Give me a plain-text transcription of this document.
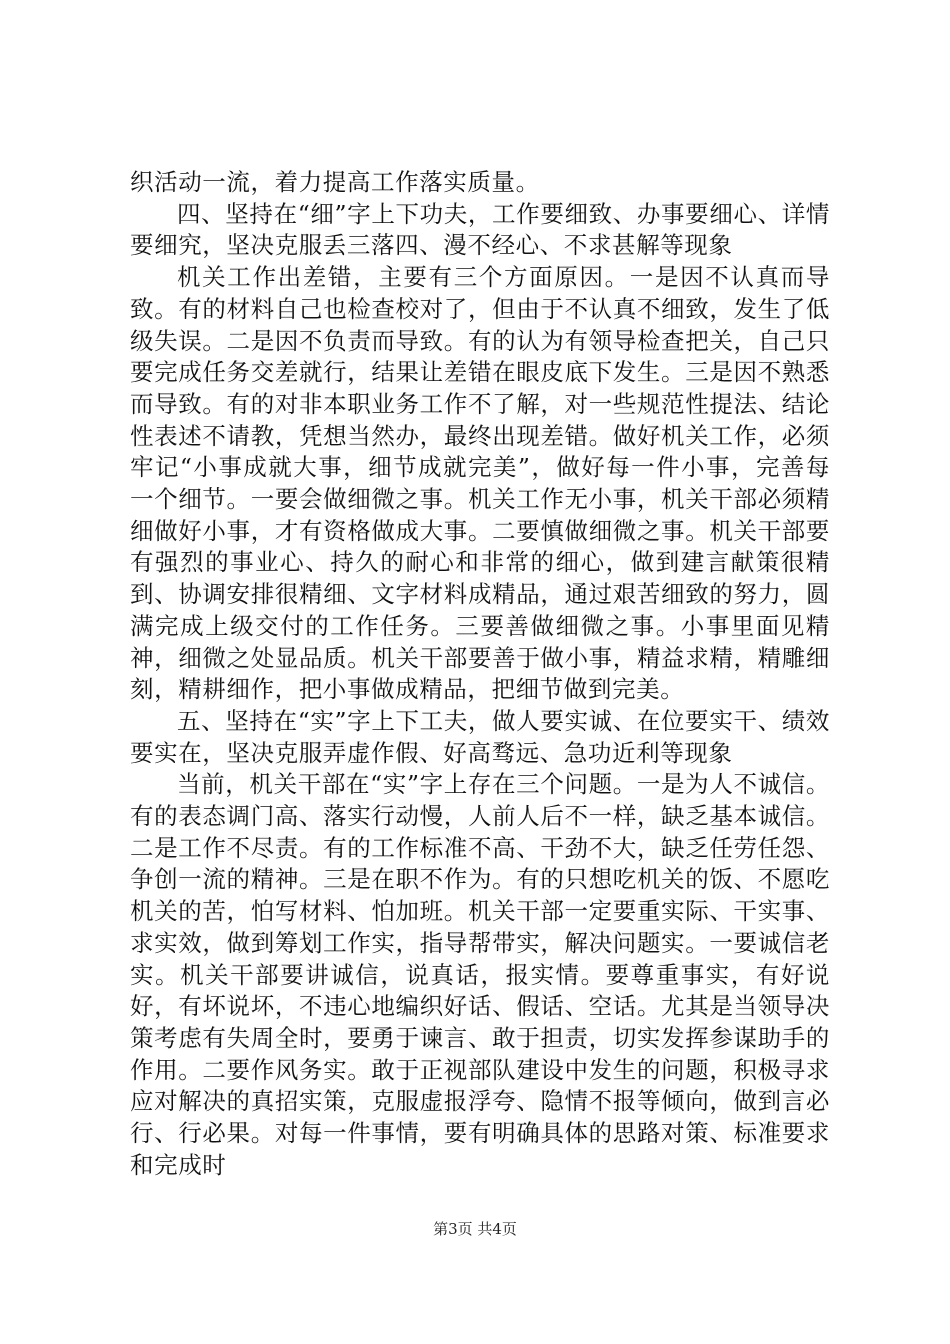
织活动一流，着力提高工作落实质量。

四、坚持在“细”字上下功夫，工作要细致、办事要细心、详情要细究，坚决克服丢三落四、漫不经心、不求甚解等现象

机关工作出差错，主要有三个方面原因。一是因不认真而导致。有的材料自己也检查校对了，但由于不认真不细致，发生了低级失误。二是因不负责而导致。有的认为有领导检查把关，自己只要完成任务交差就行，结果让差错在眼皮底下发生。三是因不熟悉而导致。有的对非本职业务工作不了解，对一些规范性提法、结论性表述不请教，凭想当然办，最终出现差错。做好机关工作，必须牢记“小事成就大事，细节成就完美”，做好每一件小事，完善每一个细节。一要会做细微之事。机关工作无小事，机关干部必须精细做好小事，才有资格做成大事。二要慎做细微之事。机关干部要有强烈的事业心、持久的耐心和非常的细心，做到建言献策很精到、协调安排很精细、文字材料成精品，通过艰苦细致的努力，圆满完成上级交付的工作任务。三要善做细微之事。小事里面见精神，细微之处显品质。机关干部要善于做小事，精益求精，精雕细刻，精耕细作，把小事做成精品，把细节做到完美。

五、坚持在“实”字上下工夫，做人要实诚、在位要实干、绩效要实在，坚决克服弄虚作假、好高骛远、急功近利等现象

当前，机关干部在“实”字上存在三个问题。一是为人不诚信。有的表态调门高、落实行动慢，人前人后不一样，缺乏基本诚信。二是工作不尽责。有的工作标准不高、干劲不大，缺乏任劳任怨、争创一流的精神。三是在职不作为。有的只想吃机关的饭、不愿吃机关的苦，怕写材料、怕加班。机关干部一定要重实际、干实事、求实效，做到筹划工作实，指导帮带实，解决问题实。一要诚信老实。机关干部要讲诚信，说真话，报实情。要尊重事实，有好说好，有坏说坏，不违心地编织好话、假话、空话。尤其是当领导决策考虑有失周全时，要勇于谏言、敢于担责，切实发挥参谋助手的作用。二要作风务实。敢于正视部队建设中发生的问题，积极寻求应对解决的真招实策，克服虚报浮夸、隐情不报等倾向，做到言必行、行必果。对每一件事情，要有明确具体的思路对策、标准要求和完成时

第3页 共4页
